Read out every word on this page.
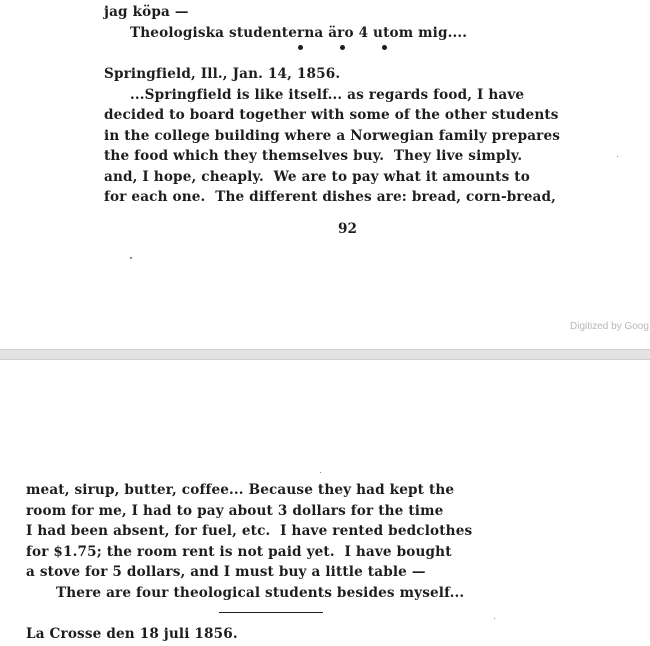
jag köpa —
Theologiska studenterna äro 4 utom mig....
Springfield, Ill., Jan. 14, 1856.
...Springfield is like itself... as regards food, I have
decided to board together with some of the other students
in the college building where a Norwegian family prepares
the food which they themselves buy.  They live simply.
and, I hope, cheaply.  We are to pay what it amounts to
for each one.  The different dishes are: bread, corn-bread,
92
Digitized by Goog
meat, sirup, butter, coffee... Because they had kept the
room for me, I had to pay about 3 dollars for the time
I had been absent, for fuel, etc.  I have rented bedclothes
for $1.75; the room rent is not paid yet.  I have bought
a stove for 5 dollars, and I must buy a little table —
There are four theological students besides myself...
La Crosse den 18 juli 1856.
